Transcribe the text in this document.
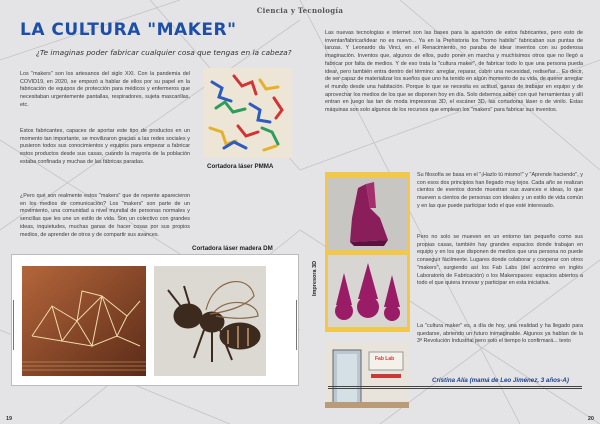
Ciencia y Tecnología
LA CULTURA "MAKER"

¿Te imaginas poder fabricar cualquier cosa que tengas en la cabeza?

Los "makers" son los artesanos del siglo XXI. Con la pandemia del COVID19, en 2020, se empezó a hablar de ellos por su papel en la fabricación de equipos de protección para médicos y enfermeros que necesitaban urgentemente pantallas, respiradores, sujeta mascarillas, etc.

Estos fabricantes, capaces de aportar este tipo de productos en un momento tan importante, se movilizaron gracias a las redes sociales y pusieron todos sus conocimientos y equipos para empezar a fabricar estos productos desde sus casas, cuando la mayoría de la población estaba confinada y muchas de las fábricas paradas.

¿Pero qué son realmente estos "makers" que de repente aparecieron en los medios de comunicación? Los "makers" son parte de un movimiento, una comunidad a nivel mundial de personas normales y sencillas que les une un estilo de vida. Son un colectivo con grandes ideas, inquietudes, muchas ganas de hacer cosas por sus propios medios, de aprender de otros y de compartir sus avances.

Cortadora láser PMMA

Cortadora láser madera DM

Las nuevas tecnologías e internet son las bases para la aparición de estos fabricantes, pero esto de inventar/fabricar/idear no es nuevo... Ya en la Prehistoria los "homo habilis" fabricaban sus puntas de lanzas. Y Leonardo da Vinci, en el Renacimiento, no paraba de idear inventos con su poderosa imaginación. Inventos que, algunos de ellos, pudo poner en marcha y muchísimos otros que no llegó a fabricar por falta de medios. Y de eso trata la "cultura maker", de fabricar todo lo que una persona pueda idear, pero también entra dentro del término: arreglar, reparar, cubrir una necesidad, rediseñar... Es decir, de ser capaz de materializar los sueños que uno ha tenido en algún momento de su vida, de querer arreglar el mundo desde una habitación. Porque lo que se necesita es actitud, ganas de trabajar en equipo y de aprovechar los medios de los que se disponen hoy en día. Solo debemos saber con qué herramientas y allí entran en juego las tan de moda impresoras 3D, el escáner 3D, las cortadoras láser o de vinilo. Estas máquinas son solo algunos de los recursos que emplean los "makers" para fabricar sus inventos.

Impresora 3D

Su filosofía se basa en el "¡Hazlo tú mismo!" y "Aprende haciendo", y con esos dos principios han llegado muy lejos. Cada año se realizan cientos de eventos donde muestran sus avances e ideas, lo que mueven a cientos de personas con ideales y un estilo de vida común y en las que puede participar todo el que esté interesado.

Pero no solo se mueven en un entorno tan pequeño como sus propias casas, también hay grandes espacios donde trabajan en equipo y en los que disponen de medios que una persona no puede conseguir fácilmente. Lugares donde colaborar y cooperar con otros "makers", surgiendo así los Fab Labs (del acrónimo en inglés Laboratorio de Fabricación) o los Makerspaces: espacios abiertos a todo el que quiera innovar y participar en esta iniciativa.

La "cultura maker" es, a día de hoy, una realidad y ha llegado para quedarse, abriendo un futuro inimaginable. Algunos ya hablan de la 3ª Revolución Industrial pero solo el tiempo lo confirmará... texto

Fab Lab

Cristina Alía (mamá de Leo Jiménez, 3 años-A)

19	20
